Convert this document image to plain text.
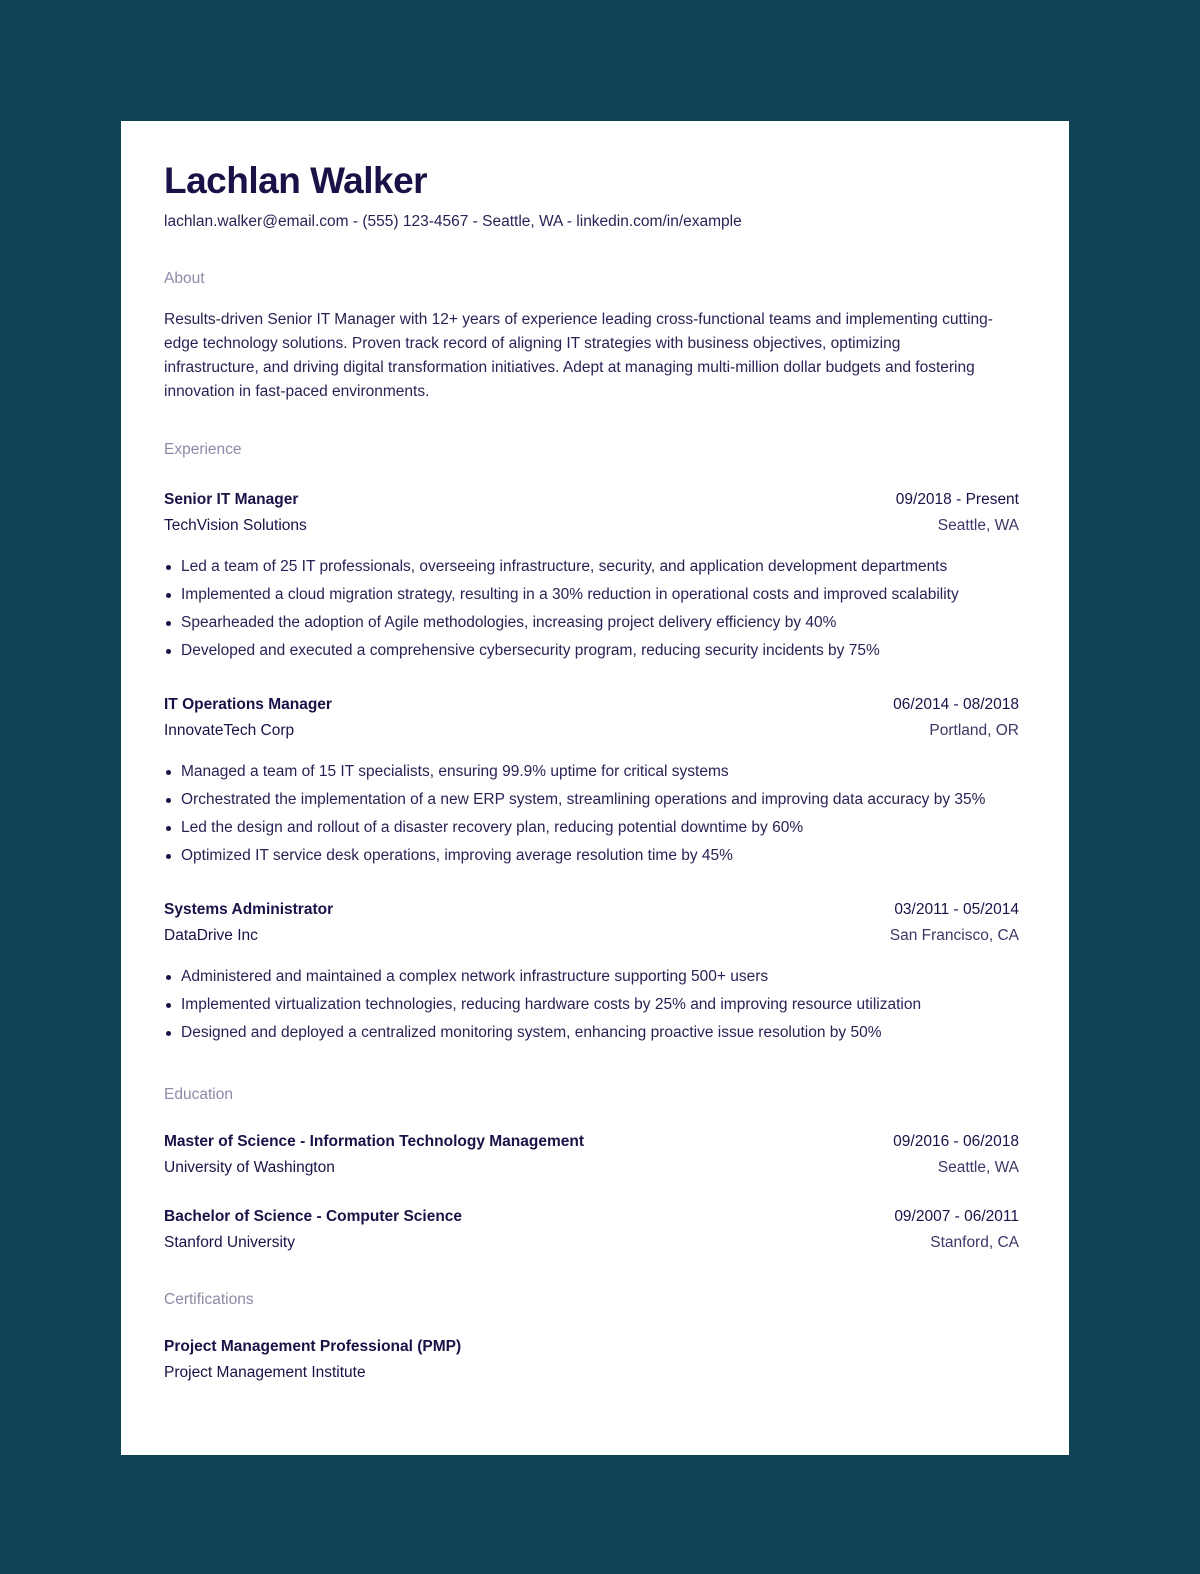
Lachlan Walker
lachlan.walker@email.com - (555) 123-4567 - Seattle, WA - linkedin.com/in/example
About
Results-driven Senior IT Manager with 12+ years of experience leading cross-functional teams and implementing cutting-edge technology solutions. Proven track record of aligning IT strategies with business objectives, optimizing infrastructure, and driving digital transformation initiatives. Adept at managing multi-million dollar budgets and fostering innovation in fast-paced environments.
Experience
Senior IT Manager	09/2018 - Present
TechVision Solutions	Seattle, WA
Led a team of 25 IT professionals, overseeing infrastructure, security, and application development departments
Implemented a cloud migration strategy, resulting in a 30% reduction in operational costs and improved scalability
Spearheaded the adoption of Agile methodologies, increasing project delivery efficiency by 40%
Developed and executed a comprehensive cybersecurity program, reducing security incidents by 75%
IT Operations Manager	06/2014 - 08/2018
InnovateTech Corp	Portland, OR
Managed a team of 15 IT specialists, ensuring 99.9% uptime for critical systems
Orchestrated the implementation of a new ERP system, streamlining operations and improving data accuracy by 35%
Led the design and rollout of a disaster recovery plan, reducing potential downtime by 60%
Optimized IT service desk operations, improving average resolution time by 45%
Systems Administrator	03/2011 - 05/2014
DataDrive Inc	San Francisco, CA
Administered and maintained a complex network infrastructure supporting 500+ users
Implemented virtualization technologies, reducing hardware costs by 25% and improving resource utilization
Designed and deployed a centralized monitoring system, enhancing proactive issue resolution by 50%
Education
Master of Science - Information Technology Management	09/2016 - 06/2018
University of Washington	Seattle, WA
Bachelor of Science - Computer Science	09/2007 - 06/2011
Stanford University	Stanford, CA
Certifications
Project Management Professional (PMP)
Project Management Institute
